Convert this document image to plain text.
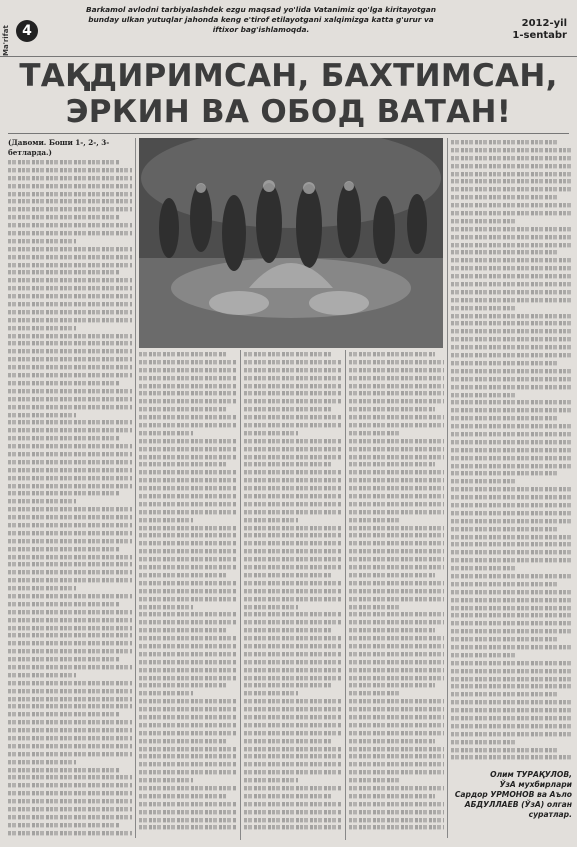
Ma'rifat 4
Barkamol avlodni tarbiyalashdek ezgu maqsad yo'lida Vatanimiz qo'lga kiritayotgan
bunday ulkan yutuqlar jahonda keng e'tirof etilayotgani xalqimizga katta g'urur va
iftixor bag'ishlamoqda.
2012-yil
1-sentabr
ТАҚДИРИМСАН, БАХТИМСАН,
ЭРКИН ВА ОБОД ВАТАН!
(Давоми. Боши 1-, 2-, 3-бетларда.)
Олим ТУРАҚУЛОВ,
ЎзА мухбирлари
Сардор УРМОНОВ ва Аъло
АБДУЛЛАЕВ (ЎзА) олган
суратлар.
